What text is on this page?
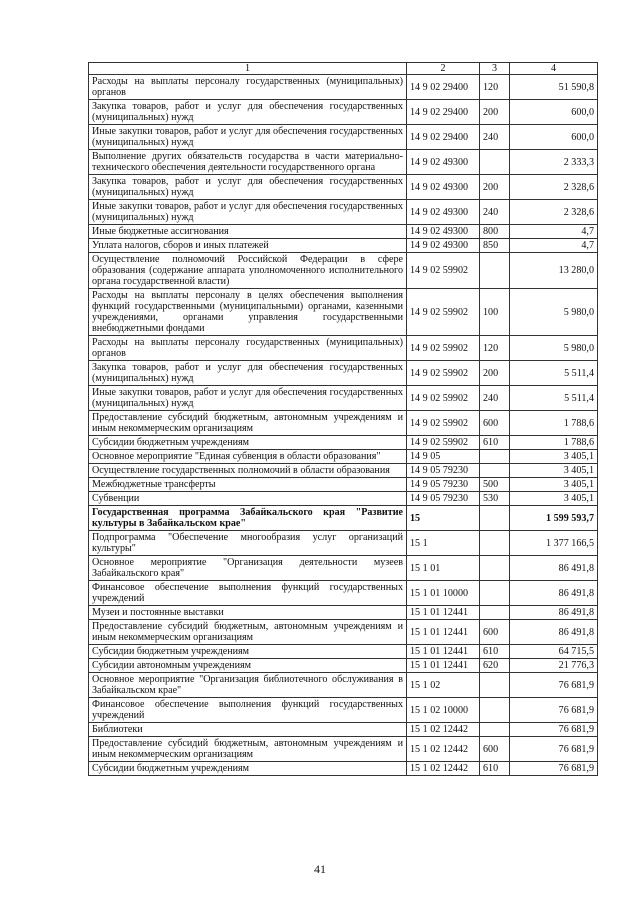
1	2	3	4
Расходы на выплаты персоналу государственных (муниципальных) органов	14 9 02 29400	120	51 590,8
Закупка товаров, работ и услуг для обеспечения государственных (муниципальных) нужд	14 9 02 29400	200	600,0
Иные закупки товаров, работ и услуг для обеспечения государственных (муниципальных) нужд	14 9 02 29400	240	600,0
Выполнение других обязательств государства в части материально-технического обеспечения деятельности государственного органа	14 9 02 49300		2 333,3
Закупка товаров, работ и услуг для обеспечения государственных (муниципальных) нужд	14 9 02 49300	200	2 328,6
Иные закупки товаров, работ и услуг для обеспечения государственных (муниципальных) нужд	14 9 02 49300	240	2 328,6
Иные бюджетные ассигнования	14 9 02 49300	800	4,7
Уплата налогов, сборов и иных платежей	14 9 02 49300	850	4,7
Осуществление полномочий Российской Федерации в сфере образования (содержание аппарата уполномоченного исполнительного органа государственной власти)	14 9 02 59902		13 280,0
Расходы на выплаты персоналу в целях обеспечения выполнения функций государственными (муниципальными) органами, казенными учреждениями, органами управления государственными внебюджетными фондами	14 9 02 59902	100	5 980,0
Расходы на выплаты персоналу государственных (муниципальных) органов	14 9 02 59902	120	5 980,0
Закупка товаров, работ и услуг для обеспечения государственных (муниципальных) нужд	14 9 02 59902	200	5 511,4
Иные закупки товаров, работ и услуг для обеспечения государственных (муниципальных) нужд	14 9 02 59902	240	5 511,4
Предоставление субсидий бюджетным, автономным учреждениям и иным некоммерческим организациям	14 9 02 59902	600	1 788,6
Субсидии бюджетным учреждениям	14 9 02 59902	610	1 788,6
Основное мероприятие "Единая субвенция в области образования"	14 9 05		3 405,1
Осуществление государственных полномочий в области образования	14 9 05 79230		3 405,1
Межбюджетные трансферты	14 9 05 79230	500	3 405,1
Субвенции	14 9 05 79230	530	3 405,1
Государственная программа Забайкальского края "Развитие культуры в Забайкальском крае"	15		1 599 593,7
Подпрограмма "Обеспечение многообразия услуг организаций культуры"	15 1		1 377 166,5
Основное мероприятие "Организация деятельности музеев Забайкальского края"	15 1 01		86 491,8
Финансовое обеспечение выполнения функций государственных учреждений	15 1 01 10000		86 491,8
Музеи и постоянные выставки	15 1 01 12441		86 491,8
Предоставление субсидий бюджетным, автономным учреждениям и иным некоммерческим организациям	15 1 01 12441	600	86 491,8
Субсидии бюджетным учреждениям	15 1 01 12441	610	64 715,5
Субсидии автономным учреждениям	15 1 01 12441	620	21 776,3
Основное мероприятие "Организация библиотечного обслуживания в Забайкальском крае"	15 1 02		76 681,9
Финансовое обеспечение выполнения функций государственных учреждений	15 1 02 10000		76 681,9
Библиотеки	15 1 02 12442		76 681,9
Предоставление субсидий бюджетным, автономным учреждениям и иным некоммерческим организациям	15 1 02 12442	600	76 681,9
Субсидии бюджетным учреждениям	15 1 02 12442	610	76 681,9
41
